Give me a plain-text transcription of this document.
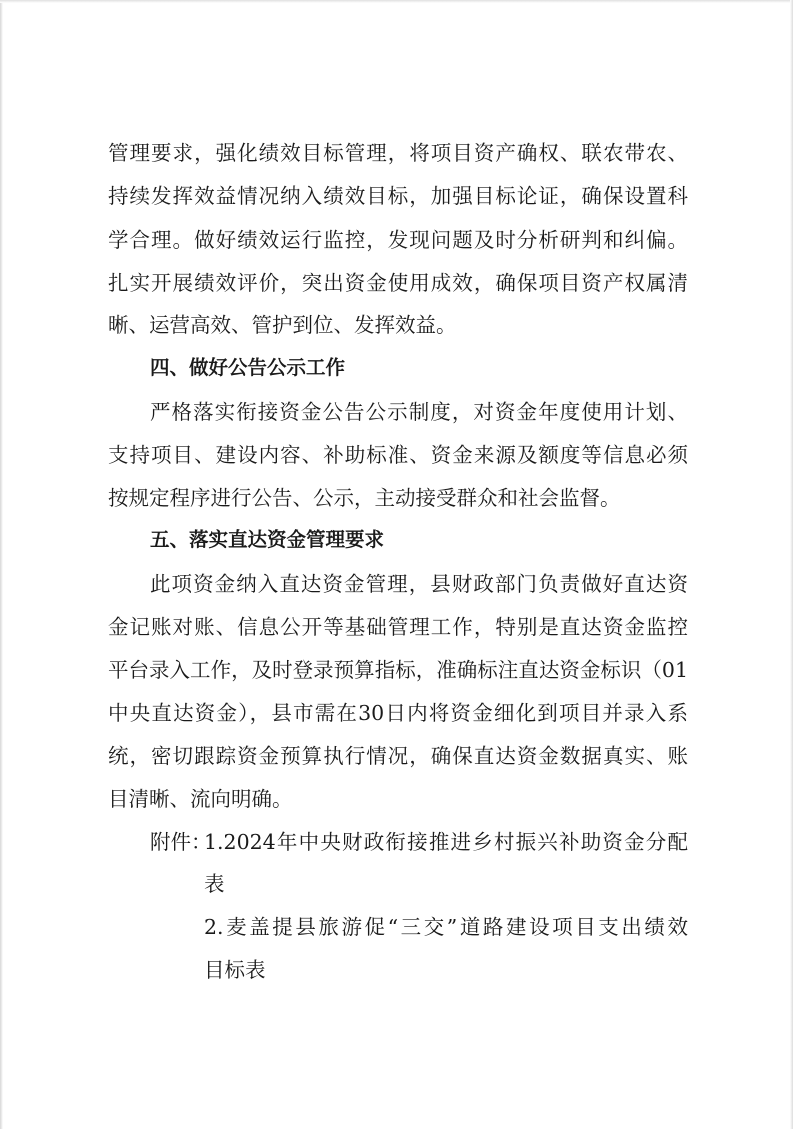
管理要求，强化绩效目标管理，将项目资产确权、联农带农、
持续发挥效益情况纳入绩效目标，加强目标论证，确保设置科
学合理。做好绩效运行监控，发现问题及时分析研判和纠偏。
扎实开展绩效评价，突出资金使用成效，确保项目资产权属清
晰、运营高效、管护到位、发挥效益。
四、做好公告公示工作
严格落实衔接资金公告公示制度，对资金年度使用计划、
支持项目、建设内容、补助标准、资金来源及额度等信息必须
按规定程序进行公告、公示，主动接受群众和社会监督。
五、落实直达资金管理要求
此项资金纳入直达资金管理，县财政部门负责做好直达资
金记账对账、信息公开等基础管理工作，特别是直达资金监控
平台录入工作，及时登录预算指标，准确标注直达资金标识（01
中央直达资金），县市需在30日内将资金细化到项目并录入系
统，密切跟踪资金预算执行情况，确保直达资金数据真实、账
目清晰、流向明确。
附件：
1.2024年中央财政衔接推进乡村振兴补助资金分配
表
2.麦盖提县旅游促“三交”道路建设项目支出绩效
目标表
